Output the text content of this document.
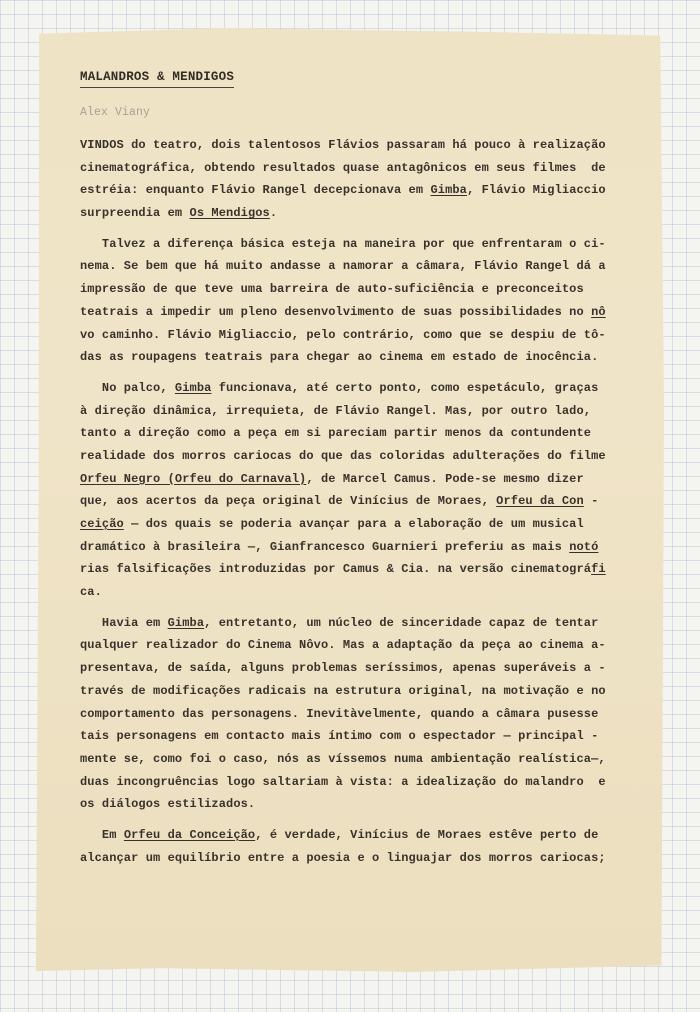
MALANDROS & MENDIGOS
Alex Viany
VINDOS do teatro, dois talentosos Flávios passaram há pouco à realização
cinematográfica, obtendo resultados quase antagônicos em seus filmes  de
estréia: enquanto Flávio Rangel decepcionava em Gimba, Flávio Migliaccio
surpreendia em Os Mendigos.
Talvez a diferença básica esteja na maneira por que enfrentaram o ci-
nema. Se bem que há muito andasse a namorar a câmara, Flávio Rangel dá a
impressão de que teve uma barreira de auto-suficiência e preconceitos
teatrais a impedir um pleno desenvolvimento de suas possibilidades no nô
vo caminho. Flávio Migliaccio, pelo contrário, como que se despiu de tô-
das as roupagens teatrais para chegar ao cinema em estado de inocência.
No palco, Gimba funcionava, até certo ponto, como espetáculo, graças
à direção dinâmica, irrequieta, de Flávio Rangel. Mas, por outro lado,
tanto a direção como a peça em si pareciam partir menos da contundente
realidade dos morros cariocas do que das coloridas adulterações do filme
Orfeu Negro (Orfeu do Carnaval), de Marcel Camus. Pode-se mesmo dizer
que, aos acertos da peça original de Vinícius de Moraes, Orfeu da Con -
ceição — dos quais se poderia avançar para a elaboração de um musical
dramático à brasileira —, Gianfrancesco Guarnieri preferiu as mais notó
rias falsificações introduzidas por Camus & Cia. na versão cinematográfi
ca.
Havia em Gimba, entretanto, um núcleo de sinceridade capaz de tentar
qualquer realizador do Cinema Nôvo. Mas a adaptação da peça ao cinema a-
presentava, de saída, alguns problemas seríssimos, apenas superáveis a -
través de modificações radicais na estrutura original, na motivação e no
comportamento das personagens. Inevitàvelmente, quando a câmara pusesse
tais personagens em contacto mais íntimo com o espectador — principal -
mente se, como foi o caso, nós as víssemos numa ambientação realística—,
duas incongruências logo saltariam à vista: a idealização do malandro  e
os diálogos estilizados.
Em Orfeu da Conceição, é verdade, Vinícius de Moraes estêve perto de
alcançar um equilíbrio entre a poesia e o linguajar dos morros cariocas;
